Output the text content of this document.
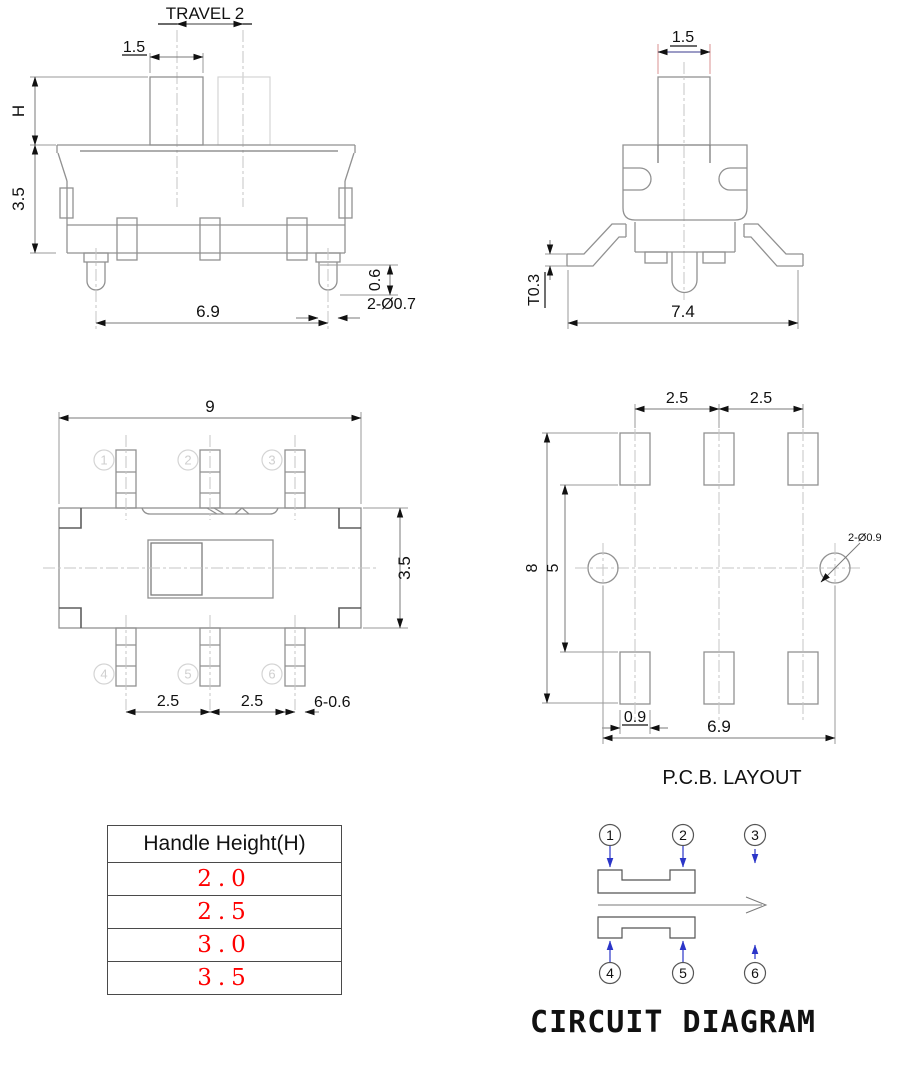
TRAVEL 2
1.5
H
3.5
6.9
0.6
2-Ø0.7
1.5
T0.3
7.4
9
1	2	3
4	5	6
2.5	2.5	6-0.6
3.5
2-Ø0.9
2.5	2.5
8 5
0.9	6.9
P.C.B. LAYOUT
Handle Height(H)
2.0
2.5
3.0
3.5
1	2	3
4	5	6
CIRCUIT DIAGRAM
